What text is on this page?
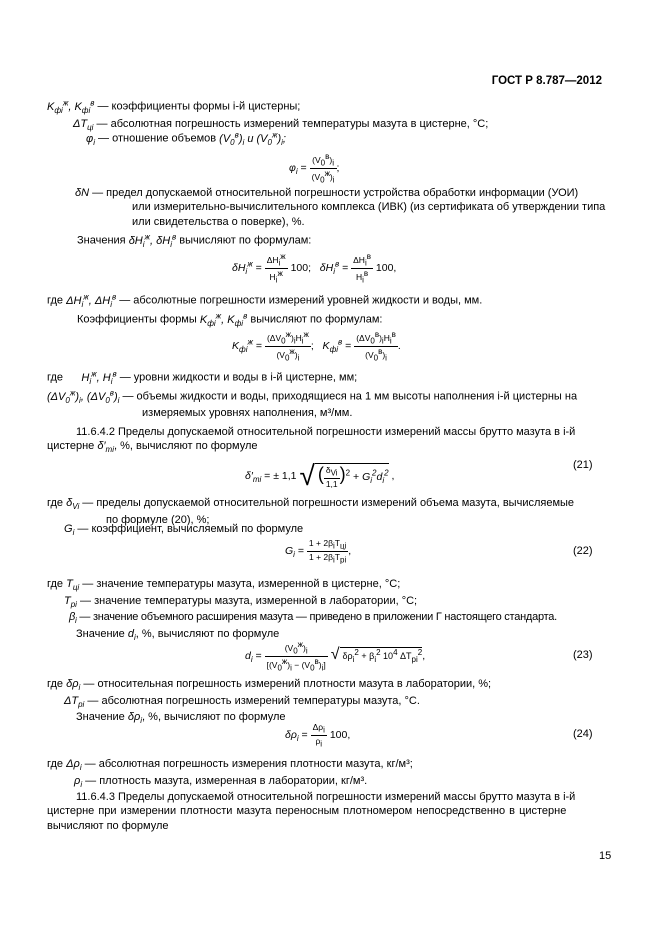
ГОСТ Р 8.787—2012
$K_{фi}^ж$, $K_{фi}^в$ — коэффициенты формы i-й цистерны;
$\Delta T_{цi}$ — абсолютная погрешность измерений температуры мазута в цистерне, °С;
$\varphi_i$ — отношение объемов $(V_0^в)_i$ и $(V_0^ж)_i$;
$\varphi_i = \frac{(V_0^в)_i}{(V_0^ж)_i}$ ;
δN — предел допускаемой относительной погрешности устройства обработки информации (УОИ)
или измерительно-вычислительного комплекса (ИВК) (из сертификата об утверждении типа
или свидетельства о поверке), %.
Значения $\delta H_i^ж$, $\delta H_i^в$ вычисляют по формулам:
$\delta H_i^ж = \frac{\Delta H_i^ж}{H_i^ж} 100$;   $\delta H_i^в = \frac{\Delta H_i^в}{H_i^в} 100$,
где $\Delta H_i^ж$, $\Delta H_i^в$ — абсолютные погрешности измерений уровней жидкости и воды, мм.
Коэффициенты формы $K_{фi}^ж$, $K_{фi}^в$ вычисляют по формулам:
$K_{фi}^ж = \frac{(\Delta V_0^ж)_iH_i^ж}{(V_0^ж)_i}$ ;   $K_{фi}^в = \frac{(\Delta V_0^в)_iH_i^в}{(V_0^в)_i}$ .
где $H_i^ж$, $H_i^в$ — уровни жидкости и воды в i-й цистерне, мм;
$(\Delta V_0^ж)_i$, $(\Delta V_0^в)_i$ — объемы жидкости и воды, приходящиеся на 1 мм высоты наполнения i-й цистерны на
измеряемых уровнях наполнения, м³/мм.
11.6.4.2 Пределы допускаемой относительной погрешности измерений массы брутто мазута в i-й
цистерне $\delta'_{mi}$, %, вычисляют по формуле
$\delta'_{mi}$ = ± 1,1 √ ( $\frac{\delta_{Vi}}{1,1} )^2 + G_i^2d_i^2$ ,
(21)
где $\delta_{Vi}$ — пределы допускаемой относительной погрешности измерений объема мазута, вычисляемые
по формуле (20), %;
$G_i$ — коэффициент, вычисляемый по формуле
$G_i = \frac{1 + 2\beta_iT_{цi}}{1 + 2\beta_iT_{pi}}$ ,	(22)
где $T_{цi}$ — значение температуры мазута, измеренной в цистерне, °С;
$T_{pi}$ — значение температуры мазута, измеренной в лаборатории, °С;
$\beta_i$ — значение объемного расширения мазута — приведено в приложении Г настоящего стандарта.
Значение $d_i$, %, вычисляют по формуле
$d_i = \frac{(V_0^ж)_i}{[(V_0^ж)_i - (V_0^в)_i]}$ √ $\delta\rho_i^2 + \beta_i^2$ $10^4$ $\Delta T_{pi}^2$,	(23)
где $\delta\rho_i$ — относительная погрешность измерений плотности мазута в лаборатории, %;
$\Delta T_{pi}$ — абсолютная погрешность измерений температуры мазута, °С.
Значение $\delta\rho_i$, %, вычисляют по формуле
$\delta\rho_i = \frac{\Delta\rho_i}{\rho_i} 100$,	(24)
где $\Delta\rho_i$ — абсолютная погрешность измерения плотности мазута, кг/м³;
$\rho_i$ — плотность мазута, измеренная в лаборатории, кг/м³.
11.6.4.3 Пределы допускаемой относительной погрешности измерений массы брутто мазута в i-й
цистерне при измерении плотности мазута переносным плотномером непосредственно в цистерне
вычисляют по формуле
15
